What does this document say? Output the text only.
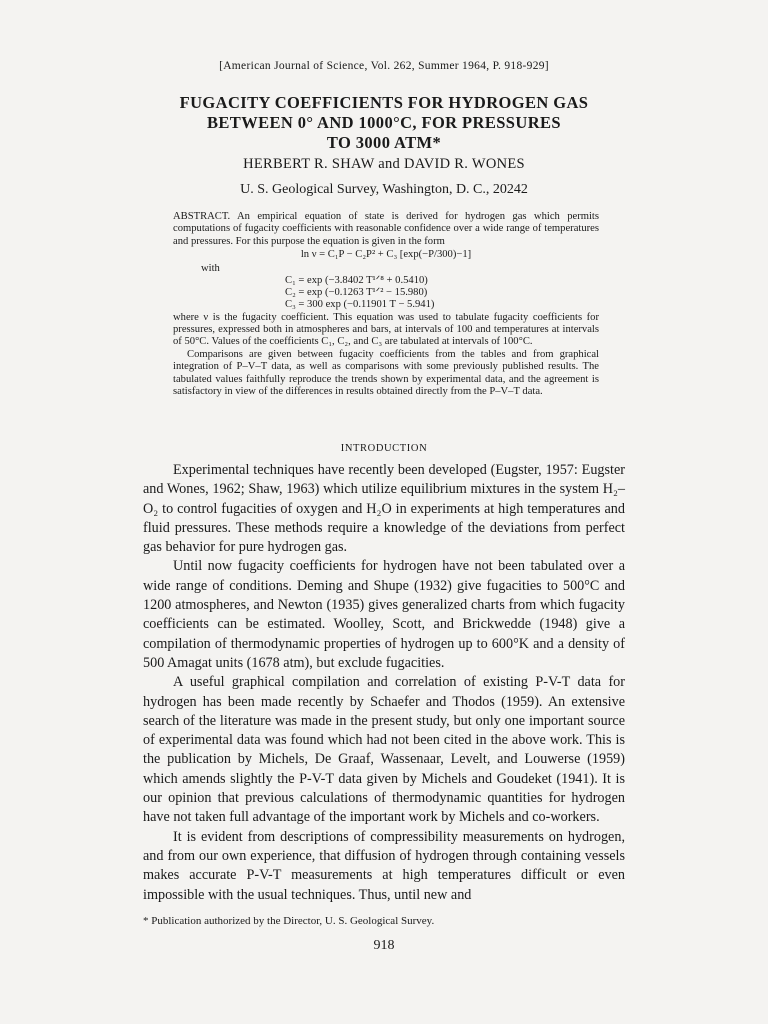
[American Journal of Science, Vol. 262, Summer 1964, P. 918-929]
FUGACITY COEFFICIENTS FOR HYDROGEN GAS
BETWEEN 0° AND 1000°C, FOR PRESSURES
TO 3000 ATM*
HERBERT R. SHAW and DAVID R. WONES
U. S. Geological Survey, Washington, D. C., 20242

ABSTRACT. An empirical equation of state is derived for hydrogen gas which permits computations of fugacity coefficients with reasonable confidence over a wide range of temperatures and pressures. For this purpose the equation is given in the form

ln ν = C₁P − C₂P² + C₃ [exp(−P/300)−1]
with
C₁ = exp (−3.8402 T¹ᐟ⁸ + 0.5410)
C₂ = exp (−0.1263 T¹ᐟ² − 15.980)
C₃ = 300 exp (−0.11901 T − 5.941)

where ν is the fugacity coefficient. This equation was used to tabulate fugacity coefficients for pressures, expressed both in atmospheres and bars, at intervals of 100 and temperatures at intervals of 50°C. Values of the coefficients C₁, C₂, and C₃ are tabulated at intervals of 100°C.

Comparisons are given between fugacity coefficients from the tables and from graphical integration of P–V–T data, as well as comparisons with some previously published results. The tabulated values faithfully reproduce the trends shown by experimental data, and the agreement is satisfactory in view of the differences in results obtained directly from the P–V–T data.

INTRODUCTION

Experimental techniques have recently been developed (Eugster, 1957: Eugster and Wones, 1962; Shaw, 1963) which utilize equilibrium mixtures in the system H₂–O₂ to control fugacities of oxygen and H₂O in experiments at high temperatures and fluid pressures. These methods require a knowledge of the deviations from perfect gas behavior for pure hydrogen gas.

Until now fugacity coefficients for hydrogen have not been tabulated over a wide range of conditions. Deming and Shupe (1932) give fugacities to 500°C and 1200 atmospheres, and Newton (1935) gives generalized charts from which fugacity coefficients can be estimated. Woolley, Scott, and Brickwedde (1948) give a compilation of thermodynamic properties of hydrogen up to 600°K and a density of 500 Amagat units (1678 atm), but exclude fugacities.

A useful graphical compilation and correlation of existing P-V-T data for hydrogen has been made recently by Schaefer and Thodos (1959). An extensive search of the literature was made in the present study, but only one important source of experimental data was found which had not been cited in the above work. This is the publication by Michels, De Graaf, Wassenaar, Levelt, and Louwerse (1959) which amends slightly the P-V-T data given by Michels and Goudeket (1941). It is our opinion that previous calculations of thermodynamic quantities for hydrogen have not taken full advantage of the important work by Michels and co-workers.

It is evident from descriptions of compressibility measurements on hydrogen, and from our own experience, that diffusion of hydrogen through containing vessels makes accurate P-V-T measurements at high temperatures difficult or even impossible with the usual techniques. Thus, until new and

* Publication authorized by the Director, U. S. Geological Survey.
918
